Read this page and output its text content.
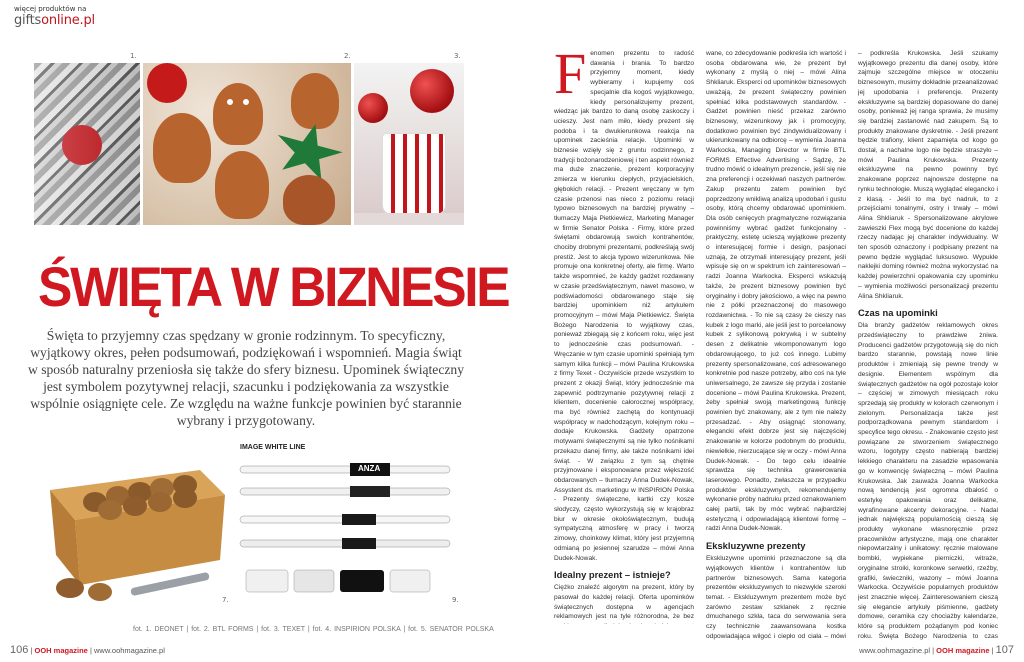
więcej produktów na
giftsonline.pl
1.	2.	3.
ŚWIĘTA W BIZNESIE
Święta to przyjemny czas spędzany w gronie rodzinnym. To specyficzny, wyjątkowy okres, pełen podsumowań, podziękowań i wspomnień. Magia świąt w sposób naturalny przeniosła się także do sfery biznesu. Upominek świąteczny jest symbolem pozytywnej relacji, szacunku i podziękowania za wszystkie wspólnie osiągnięte cele. Ze względu na ważne funkcje powinien być starannie wybrany i przygotowany.
7.
IMAGE WHITE LINE
ANZA
9.
F enomen prezentu to radość dawania i brania. To bardzo przyjemny moment, kiedy wybieramy i kupujemy coś specjalnie dla kogoś wyjątkowego, kiedy personalizujemy prezent, wiedząc jak bardzo to daną osobę zaskoczy i ucieszy. Jest nam miło, kiedy prezent się podoba i ta dwukierunkowa reakcja na upominek zacieśnia relacje. Upominki w biznesie wzięły się z gruntu rodzinnego, z tradycji bożonarodzeniowej i ten aspekt również ma duże znaczenie, prezent korporacyjny zmierza w kierunku ciepłych, przyjacielskich, głębokich relacji. - Prezent wręczany w tym czasie przenosi nas nieco z poziomu relacji typowo biznesowych na bardziej prywatny – tłumaczy Maja Pietkiewicz, Marketing Manager w firmie Senator Polska - Firmy, które przed świętami obdarowują swoich kontrahentów, chociby drobnymi prezentami, podkreślają swój prestiż. Jest to akcja typowo wizerunkowa. Nie promuje ona konkretnej oferty, ale firmę. Warto także wspomnieć, że każdy gadżet rozdawany w czasie przedświątecznym, nawet masowo, w podświadomości obdarowanego staje się bardziej upominkiem niż artykułem promocyjnym – mówi Maja Pietkiewicz. Święta Bożego Narodzenia to wyjątkowy czas, ponieważ zbiegają się z końcem roku, więc jest to jednocześnie czas podsumowań. - Wręczanie w tym czasie upominki spełniają tym samym kilka funkcji – mówi Paulina Krukowska z firmy Texet - Oczywiście przede wszystkim to prezent z okazji Świąt, który jednocześnie ma zapewnić podtrzymanie pozytywnej relacji z klientem, docenienie całorocznej współpracy, ma być również zachętą do kontynuacji współpracy w nadchodzącym, kolejnym roku – dodaje Krukowska. Gadżety opatrzone motywami świątecznymi są nie tylko nośnikami przekazu danej firmy, ale także nośnikami idei świąt. - W związku z tym są chętnie przyjmowane i eksponowane przez większość obdarowanych – tłumaczy Anna Dudek-Nowak, Assystent ds. marketingu w INSPIRION Polska - Prezenty świąteczne, kartki czy kosze słodyczy, często wykorzystują się w krajobraz biur w okresie okołoświątecznym, budują sympatyczną atmosferę w pracy i tworzą zimowy, choinkowy klimat, który jest przyjemną odmianą po jesiennej szarudze – mówi Anna Dudek-Nowak.

Idealny prezent – istnieje?

Ciężko znaleźć algorytm na prezent, który by pasował do każdej relacji. Oferta upominków świątecznych dostępna w agencjach reklamowych jest na tyle różnorodna, że bez

wane, co zdecydowanie podkreśla ich wartość i osoba obdarowana wie, że prezent był wykonany z myślą o niej – mówi Alina Shkliaruk. Eksperci od upominków biznesowych uważają, że prezent świąteczny powinien spełniać kilka podstawowych standardów. - Gadżet powinien nieść przekaz zarówno biznesowy, wizerunkowy jak i promocyjny, dodatkowo powinien być zindywidualizowany i ukierunkowany na odbiorcę – wymienia Joanna Warkocka, Managing Director w firmie BTL FORMS Effective Advertising - Sądzę, że trudno mówić o idealnym prezencie, jeśli się nie zna preferencji i oczekiwań naszych partnerów. Zakup prezentu zatem powinien być poprzedzony wnikliwą analizą upodobań i gustu osoby, którą chcemy obdarować upominkiem. Dla osób cenięcych pragmatyczne rozwiązania powinniśmy wybrać gadżet funkcjonalny - praktyczny, estetę ucieszą wyjątkowe prezenty o interesującej formie i design, pasjonaci uznają, że otrzymali interesujący prezent, jeśli wpisuje się on w spektrum ich zainteresowań – radzi Joanna Warkocka. Eksperci wskazują także, że prezent biznesowy powinien być oryginalny i dobry jakościowo, a więc na pewno nie z półki przeznaczonej do masowego rozdawnictwa. - To nie są czasy że cieszy nas kubek z logo marki, ale jeśli jest to porcelanowy kubek z sylikonową pokrywką i w subtelny desen z delikatnie wkomponowanym logo obdarowującego, to już coś innego. Lubimy prezenty spersonalizowane, coś adresowanego konkretnie pod nasze potrzeby, albo coś na tyle uniwersalnego, że zawsze się przyda i zostanie docenione – mówi Paulina Krukowska. Prezent, żeby spełniał swoją marketingową funkcję powinien być znakowany, ale z tym nie należy przesadzać. - Aby osiągnąć stonowany, elegancki efekt dobrze jest się najczęściej znakowanie w kolorze podobnym do produktu, niewielkie, nierzucające się w oczy - mówi Anna Dudek-Nowak. - Do tego celu idealnie sprawdza się technika grawerowania laserowego. Ponadto, zwłaszcza w przypadku produktów ekskluzywnych, rekomendujemy wykonanie próby nadruku przed oznakowaniem całej partii, tak by móc wybrać najbardziej estetyczną i odpowiadającą klientowi formę – radzi Anna Dudek-Nowak.

Ekskluzywne prezenty

Ekskluzywne upominki przeznaczone są dla wyjątkowych klientów i kontrahentów lub partnerów biznesowych. Sama kategoria prezentów ekskluzywnych to niezwykle szeroki temat. - Ekskluzywnym prezentem może być zarówno zestaw szklanek z ręcznie dmuchanego szkła, taca do serwowania sera czy technicznie zaawansowana kostka odpowiadająca wilgoć i ciepło od ciała – mówi

– podkreśla Krukowska. Jeśli szukamy wyjątkowego prezentu dla danej osoby, które zajmuje szczególne miejsce w otoczeniu biznesowym, musimy dokładnie przeanalizować jej upodobania i preferencje. Prezenty ekskluzywne są bardziej dopasowane do danej osoby, ponieważ jej ranga sprawia, że musimy się bardziej zastanowić nad zakupem. Są to produkty znakowane dyskretnie. - Jeśli prezent będzie trafiony, klient zapamięta od kogo go dostał, a nachalne logo nie będzie straszyło – mówi Paulina Krukowska. Prezenty ekskluzywne na pewno powinny być znakowane poprzez najnowsze dostępne na rynku technologie. Muszą wyglądać elegancko i z klasą. - Jeśli to ma być nadruk, to z przejściami tonalnymi, ostry i trwały – mówi Alina Shkliaruk - Spersonalizowane akrylowe zawieszki Flex mogą być docenione do każdej rzeczy nadając jej charakter indywidualny. W ten sposób oznaczony i podpisany prezent na pewno będzie wyglądać luksusowo. Wypukłe naklejki doming również można wykorzystać na każdej powierzchni opakowania czy upominku – wymienia możliwości personalizacji prezentu Alina Shkliaruk.

Czas na upominki

Dla branży gadżetów reklamowych okres przedświąteczny to prawdziwe żniwa. Producenci gadżetów przygotowują się do nich bardzo starannie, powstają nowe linie produktów i zmieniają się pewne trendy w designie. Elementem wspólnym dla świątecznych gadżetów na ogół pozostaje kolor – częściej w zimowych miesiącach roku sprzedają się produkty w kolorach czerwonym i zielonym. Personalizacja także jest podporządkowana pewnym standardom i specyfice tego okresu. - Znakowanie często jest powiązane ze stworzeniem świątecznego wzoru, logotypy często nabierają bardziej lekkiego charakteru na zasadzie wpasowania go w konwencję świąteczną – mówi Paulina Krukowska. Jak zauważa Joanna Warkocka nową tendencją jest ogromna dbałość o estetykę opakowania oraz delikatne, wyrafinowane akcenty dekoracyjne. - Nadal jednak największą popularnością cieszą się produkty wykonane własnoręcznie przez pracowników artystyczne, mają one charakter niepowtarzalny i unikatowy: ręcznie malowane bombki, wypiekane pierniczki, witraże, oryginalne stroiki, koronkowe serwetki, rzeźby, grafiki, świeczniki, wazony – mówi Joanna Warkocka. Oczywiście popularnych produktów jest znacznie więcej. Zainteresowaniem cieszą się elegancie artykuły piśmienne, gadżety domowe, ceramika czy chociażby kalendarze, które są produktem pożądanym pod koniec roku. Święta Bożego Narodzenia to czas

fot. 1. DEONET | fot. 2. BTL FORMS | fot. 3. TEXET | fot. 4. INSPIRION POLSKA | fot. 5. SENATOR POLSKA
106 | OOH magazine | www.oohmagazine.pl	www.oohmagazine.pl | OOH magazine | 107
